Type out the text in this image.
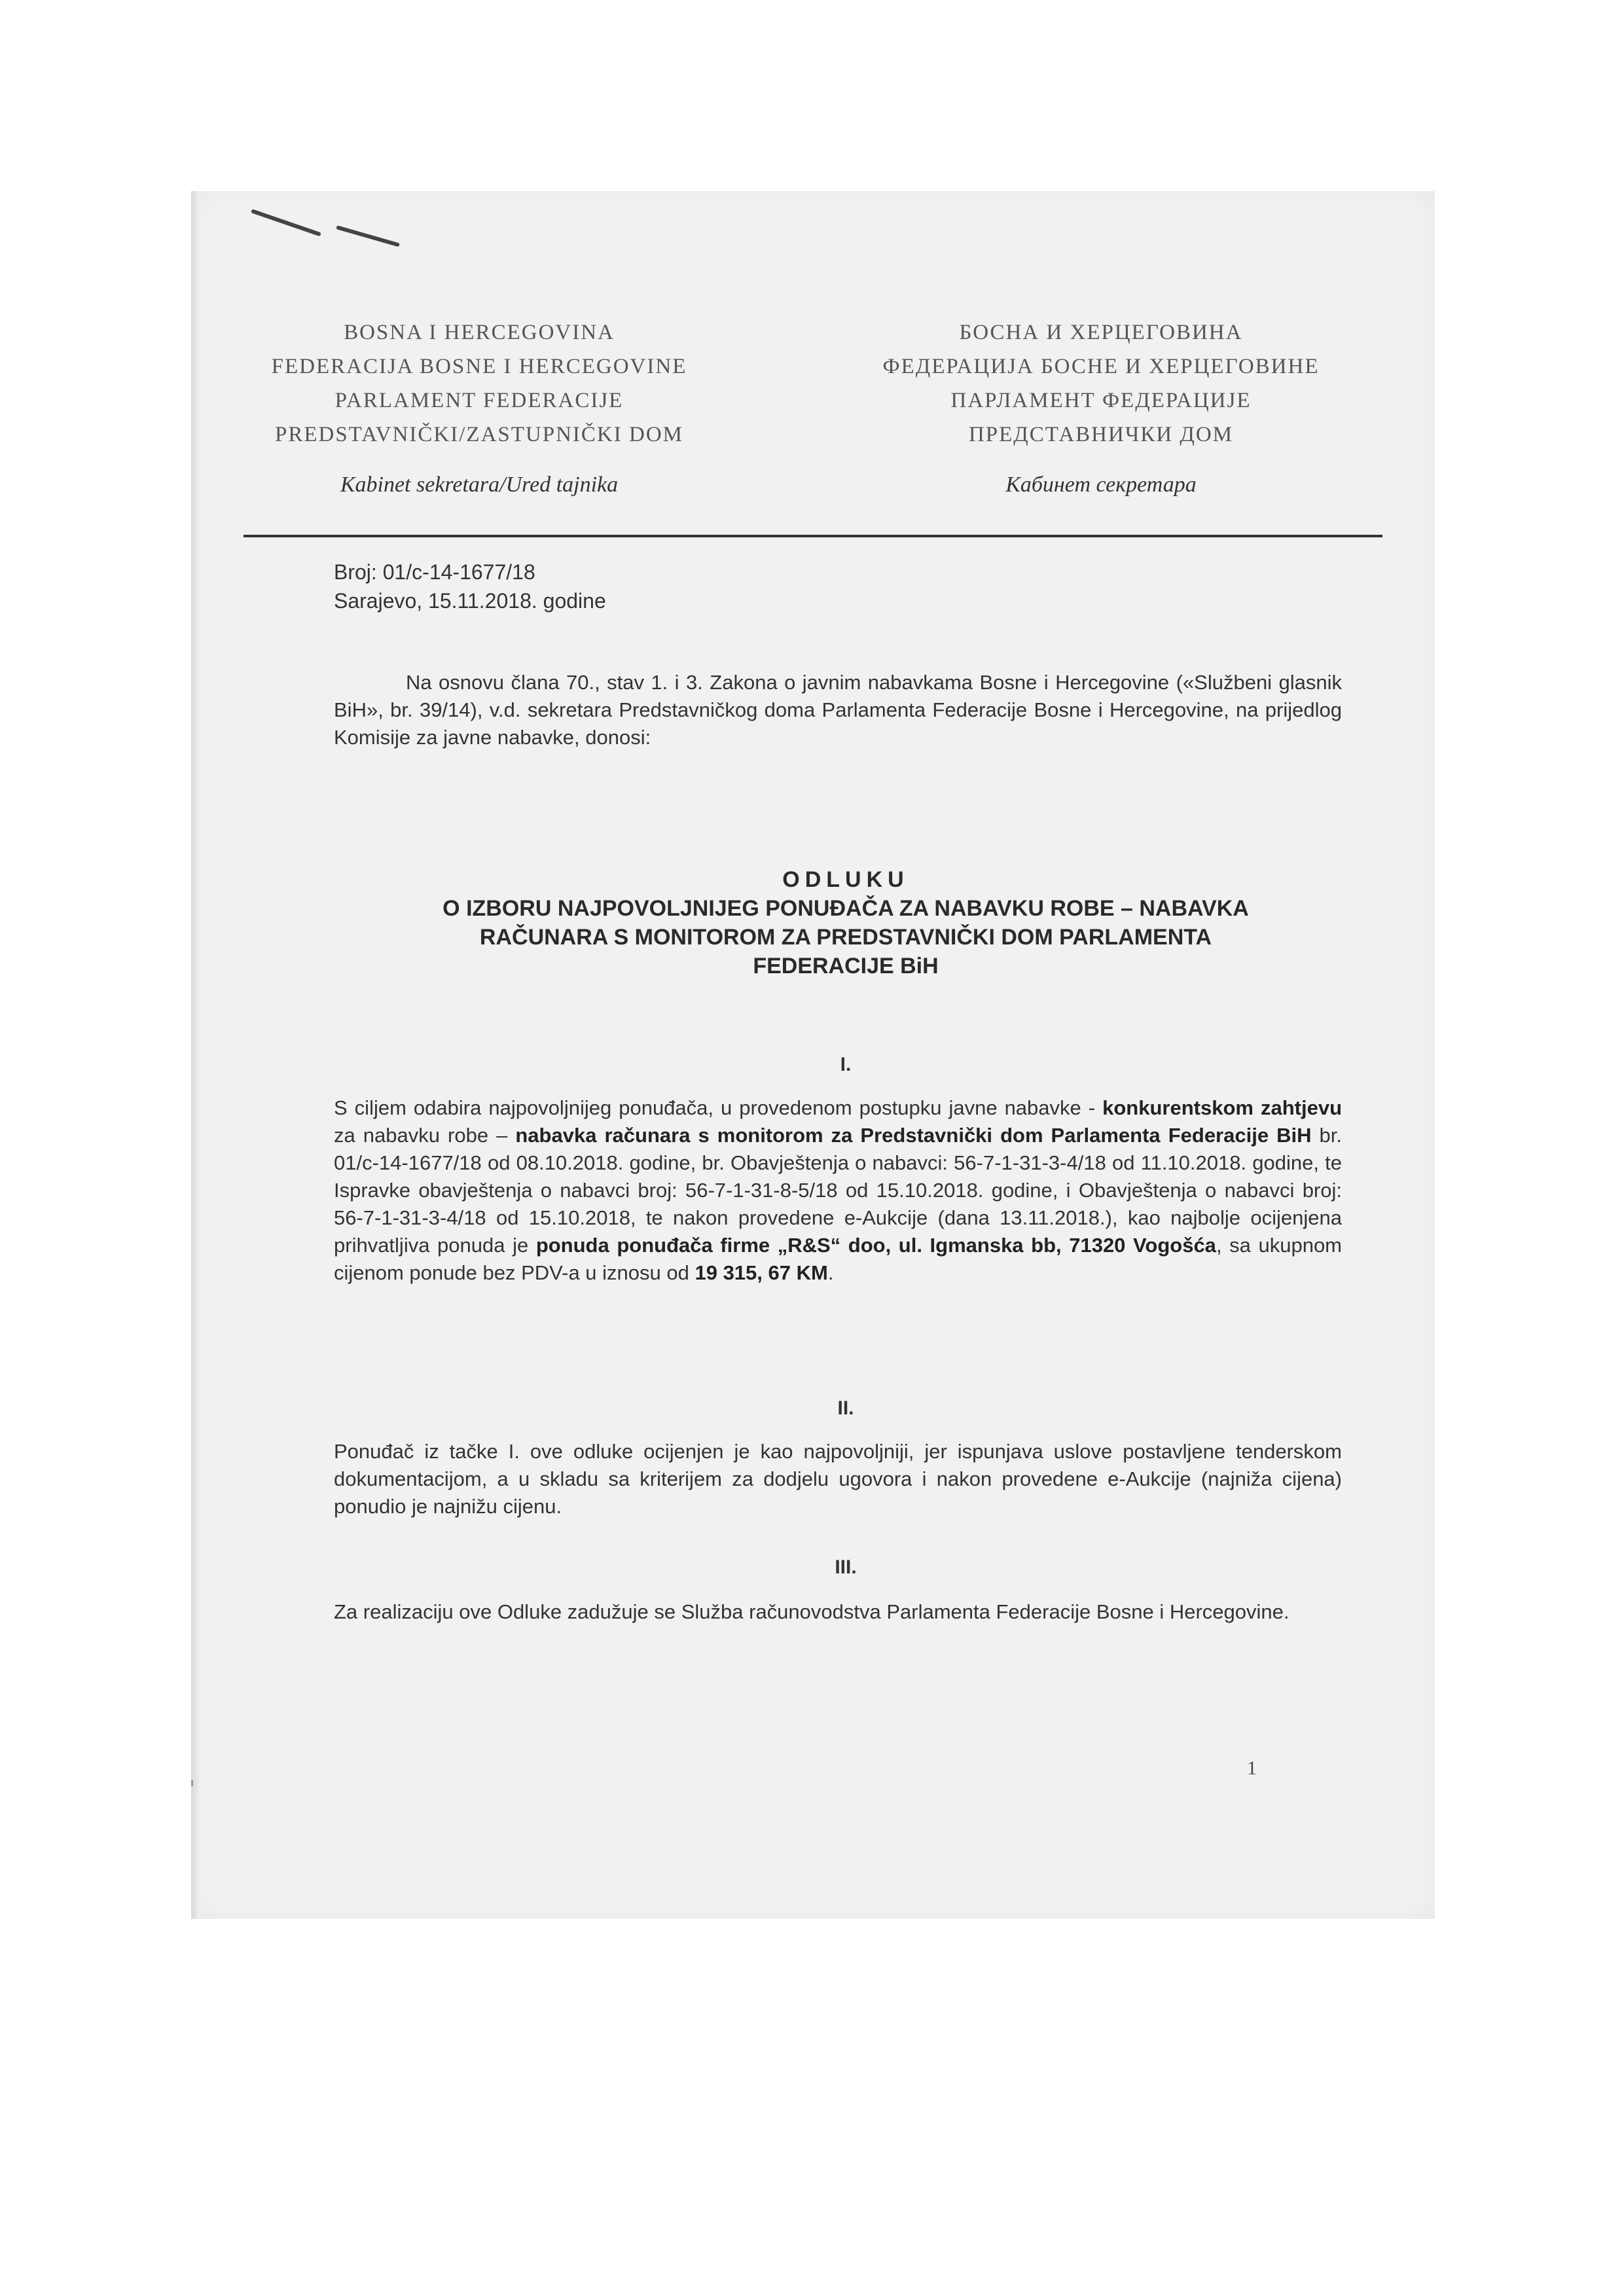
BOSNA I HERCEGOVINA
FEDERACIJA BOSNE I HERCEGOVINE
PARLAMENT FEDERACIJE
PREDSTAVNIČKI/ZASTUPNIČKI DOM
БОСНА И ХЕРЦЕГОВИНА
ФЕДЕРАЦИЈА БОСНЕ И ХЕРЦЕГОВИНЕ
ПАРЛАМЕНТ ФЕДЕРАЦИЈЕ
ПРЕДСТАВНИЧКИ ДОМ
Kabinet sekretara/Ured tajnika	Кабинет секретара
Broj: 01/c-14-1677/18
Sarajevo, 15.11.2018. godine
Na osnovu člana 70., stav 1. i 3. Zakona o javnim nabavkama Bosne i Hercegovine («Službeni glasnik BiH», br. 39/14), v.d. sekretara Predstavničkog doma Parlamenta Federacije Bosne i Hercegovine, na prijedlog Komisije za javne nabavke, donosi:
ODLUKU
O IZBORU NAJPOVOLJNIJEG PONUĐAČA ZA NABAVKU ROBE – NABAVKA
RAČUNARA S MONITOROM ZA PREDSTAVNIČKI DOM PARLAMENTA
FEDERACIJE BiH
I.
S ciljem odabira najpovoljnijeg ponuđača, u provedenom postupku javne nabavke - konkurentskom zahtjevu za nabavku robe – nabavka računara s monitorom za Predstavnički dom Parlamenta Federacije BiH br. 01/c-14-1677/18 od 08.10.2018. godine, br. Obavještenja o nabavci: 56-7-1-31-3-4/18 od 11.10.2018. godine, te Ispravke obavještenja o nabavci broj: 56-7-1-31-8-5/18 od 15.10.2018. godine, i Obavještenja o nabavci broj: 56-7-1-31-3-4/18 od 15.10.2018, te nakon provedene e-Aukcije (dana 13.11.2018.), kao najbolje ocijenjena prihvatljiva ponuda je ponuda ponuđača firme „R&S“ doo, ul. Igmanska bb, 71320 Vogošća, sa ukupnom cijenom ponude bez PDV-a u iznosu od 19 315, 67 KM.
II.
Ponuđač iz tačke I. ove odluke ocijenjen je kao najpovoljniji, jer ispunjava uslove postavljene tenderskom dokumentacijom, a u skladu sa kriterijem za dodjelu ugovora i nakon provedene e-Aukcije (najniža cijena) ponudio je najnižu cijenu.
III.
Za realizaciju ove Odluke zadužuje se Služba računovodstva Parlamenta Federacije Bosne i Hercegovine.
1
